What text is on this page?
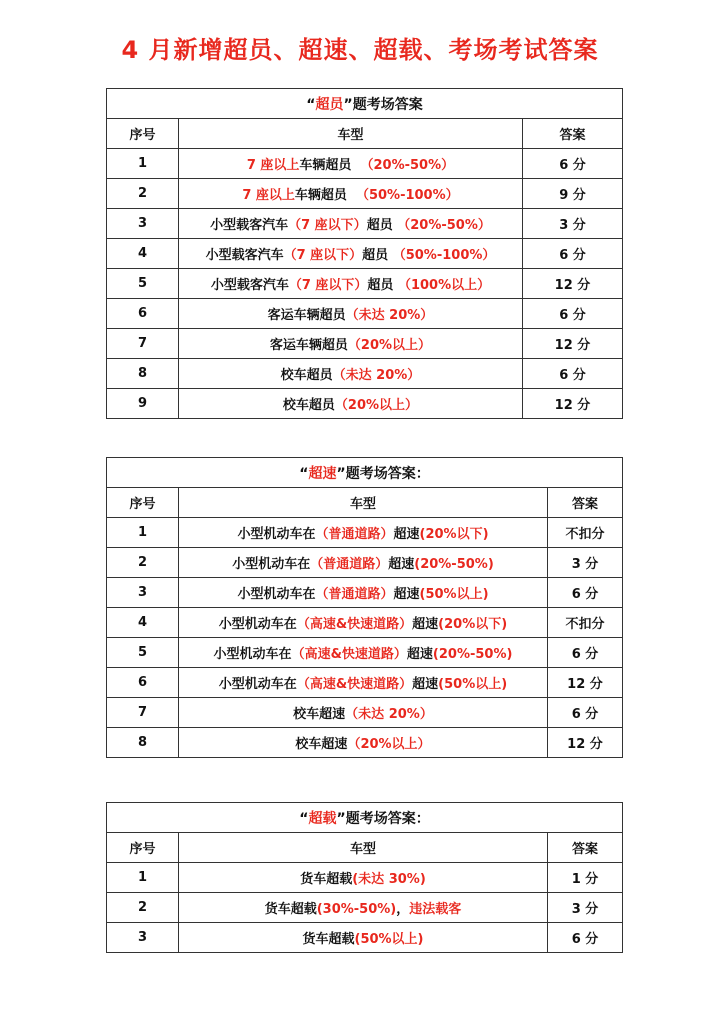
4 月新增超员、超速、超载、考场考试答案
“超员”题考场答案		
序号	车型	答案
1	7 座以上车辆超员  （20%-50%）	6 分
2	7 座以上车辆超员  （50%-100%）	9 分
3	小型载客汽车（7 座以下）超员 （20%-50%）	3 分
4	小型载客汽车（7 座以下）超员 （50%-100%）	6 分
5	小型载客汽车（7 座以下）超员 （100%以上）	12 分
6	客运车辆超员（未达 20%）	6 分
7	客运车辆超员（20%以上）	12 分
8	校车超员（未达 20%）	6 分
9	校车超员（20%以上）	12 分
“超速”题考场答案：		
序号	车型	答案
1	小型机动车在（普通道路）超速(20%以下)	不扣分
2	小型机动车在（普通道路）超速(20%-50%)	3 分
3	小型机动车在（普通道路）超速(50%以上)	6 分
4	小型机动车在（高速&快速道路）超速(20%以下)	不扣分
5	小型机动车在（高速&快速道路）超速(20%-50%)	6 分
6	小型机动车在（高速&快速道路）超速(50%以上)	12 分
7	校车超速（未达 20%）	6 分
8	校车超速（20%以上）	12 分
“超载”题考场答案：		
序号	车型	答案
1	货车超载(未达 30%)	1 分
2	货车超载(30%-50%)，违法载客	3 分
3	货车超载(50%以上)	6 分
